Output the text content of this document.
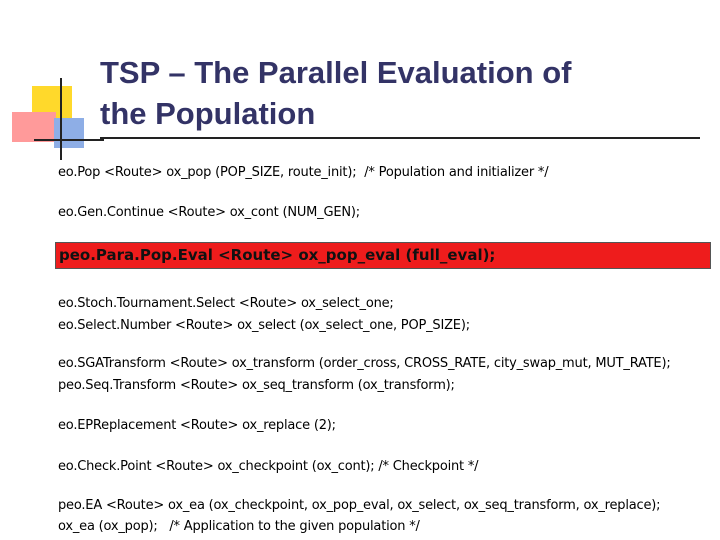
TSP – The Parallel Evaluation of
the Population
eo.Pop <Route> ox_pop (POP_SIZE, route_init);  /* Population and initializer */
eo.Gen.Continue <Route> ox_cont (NUM_GEN);
peo.Para.Pop.Eval <Route> ox_pop_eval (full_eval);
eo.Stoch.Tournament.Select <Route> ox_select_one;
eo.Select.Number <Route> ox_select (ox_select_one, POP_SIZE);
eo.SGATransform <Route> ox_transform (order_cross, CROSS_RATE, city_swap_mut, MUT_RATE);
peo.Seq.Transform <Route> ox_seq_transform (ox_transform);
eo.EPReplacement <Route> ox_replace (2);
eo.Check.Point <Route> ox_checkpoint (ox_cont); /* Checkpoint */
peo.EA <Route> ox_ea (ox_checkpoint, ox_pop_eval, ox_select, ox_seq_transform, ox_replace);
ox_ea (ox_pop);   /* Application to the given population */
